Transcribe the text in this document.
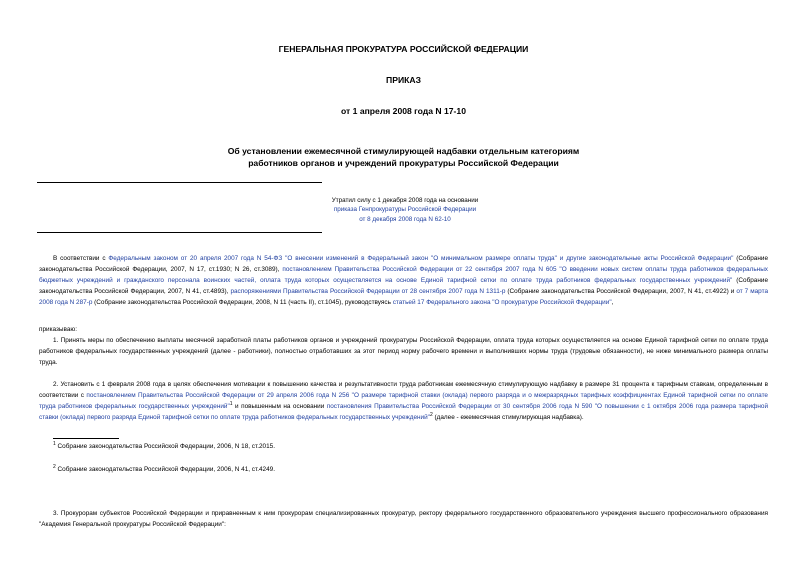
ГЕНЕРАЛЬНАЯ ПРОКУРАТУРА РОССИЙСКОЙ ФЕДЕРАЦИИ
ПРИКАЗ
от 1 апреля 2008 года N 17-10
Об установлении ежемесячной стимулирующей надбавки отдельным категориям
работников органов и учреждений прокуратуры Российской Федерации
Утратил силу с 1 декабря 2008 года на основании
приказа Генпрокуратуры Российской Федерации
от 8 декабря 2008 года N 62-10

В соответствии с Федеральным законом от 20 апреля 2007 года N 54-ФЗ "О внесении изменений в Федеральный закон "О минимальном размере оплаты труда" и другие законодательные акты Российской Федерации" (Собрание законодательства Российской Федерации, 2007, N 17, ст.1930; N 26, ст.3089), постановлением Правительства Российской Федерации от 22 сентября 2007 года N 605 "О введении новых систем оплаты труда работников федеральных бюджетных учреждений и гражданского персонала воинских частей, оплата труда которых осуществляется на основе Единой тарифной сетки по оплате труда работников федеральных государственных учреждений" (Собрание законодательства Российской Федерации, 2007, N 41, ст.4893), распоряжениями Правительства Российской Федерации от 28 сентября 2007 года N 1311-р (Собрание законодательства Российской Федерации, 2007, N 41, ст.4922) и от 7 марта 2008 года N 287-р (Собрание законодательства Российской Федерации, 2008, N 11 (часть II), ст.1045), руководствуясь статьей 17 Федерального закона "О прокуратуре Российской Федерации",

приказываю:

1. Принять меры по обеспечению выплаты месячной заработной платы работников органов и учреждений прокуратуры Российской Федерации, оплата труда которых осуществляется на основе Единой тарифной сетки по оплате труда работников федеральных государственных учреждений (далее - работники), полностью отработавших за этот период норму рабочего времени и выполнивших нормы труда (трудовые обязанности), не ниже минимального размера оплаты труда.

2. Установить с 1 февраля 2008 года в целях обеспечения мотивации к повышению качества и результативности труда работникам ежемесячную стимулирующую надбавку в размере 31 процента к тарифным ставкам, определенным в соответствии с постановлением Правительства Российской Федерации от 29 апреля 2006 года N 256 "О размере тарифной ставки (оклада) первого разряда и о межразрядных тарифных коэффициентах Единой тарифной сетки по оплате труда работников федеральных государственных учреждений"$^1$ и повышенным на основании постановления Правительства Российской Федерации от 30 сентября 2006 года N 590 "О повышении с 1 октября 2006 года размера тарифной ставки (оклада) первого разряда Единой тарифной сетки по оплате труда работников федеральных государственных учреждений"$^2$ (далее - ежемесячная стимулирующая надбавка).

$^1$ Собрание законодательства Российской Федерации, 2006, N 18, ст.2015.
$^2$ Собрание законодательства Российской Федерации, 2006, N 41, ст.4249.

3. Прокурорам субъектов Российской Федерации и приравненным к ним прокурорам специализированных прокуратур, ректору федерального государственного образовательного учреждения высшего профессионального образования "Академия Генеральной прокуратуры Российской Федерации":
